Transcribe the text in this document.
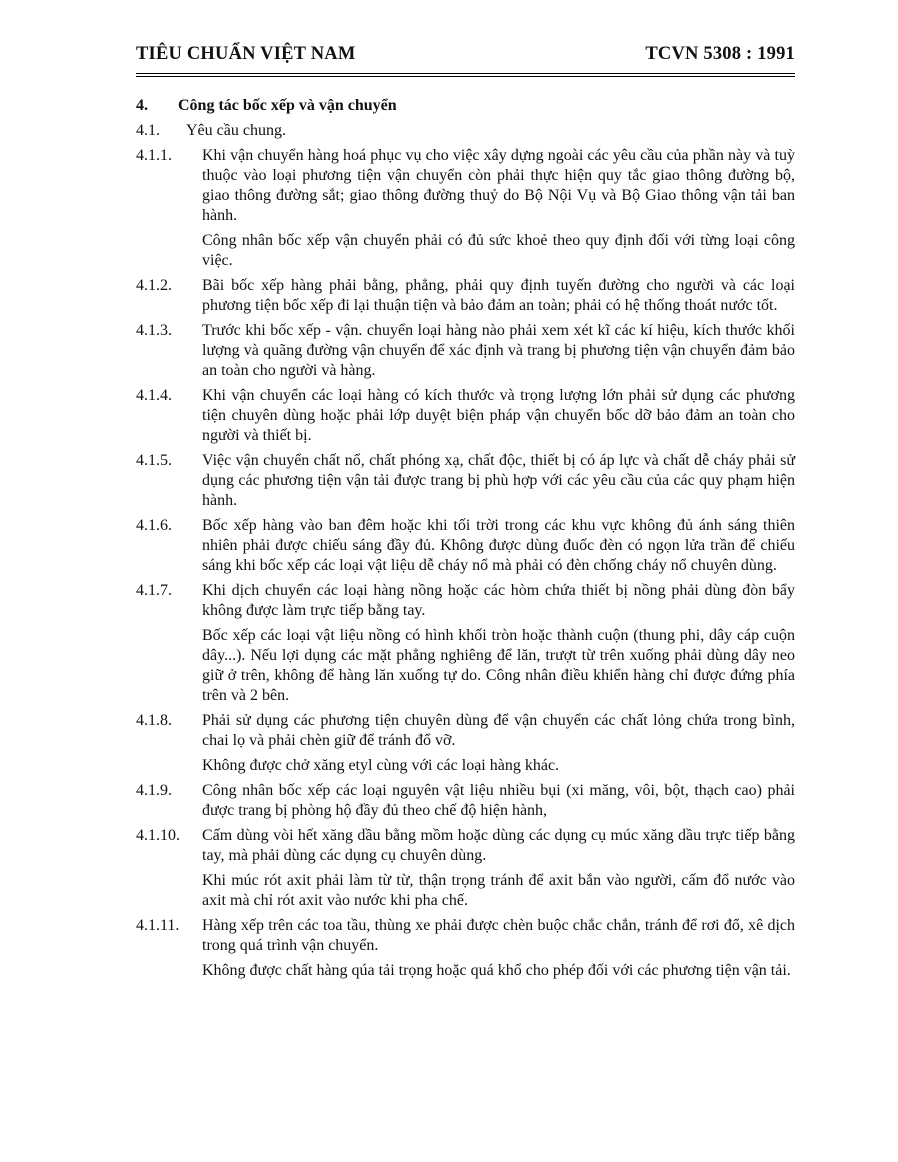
TIÊU CHUẨN VIỆT NAM	TCVN 5308 : 1991
4.	Công tác bốc xếp và vận chuyển
4.1.	Yêu cầu chung.
4.1.1.	Khi vận chuyển hàng hoá phục vụ cho việc xây dựng ngoài các yêu cầu của phần này và tuỳ thuộc vào loại phương tiện vận chuyển còn phải thực hiện quy tắc giao thông đường bộ, giao thông đường sắt; giao thông đường thuỷ do Bộ Nội Vụ và Bộ Giao thông vận tải ban hành.

Công nhân bốc xếp vận chuyển phải có đủ sức khoẻ theo quy định đối với từng loại công việc.

4.1.2.	Bãi bốc xếp hàng phải bằng, phẳng, phải quy định tuyến đường cho người và các loại phương tiện bốc xếp đi lại thuận tiện và bảo đảm an toàn; phải có hệ thống thoát nước tốt.

4.1.3.	Trước khi bốc xếp - vận. chuyển loại hàng nào phải xem xét kĩ các kí hiệu, kích thước khối lượng và quãng đường vận chuyển để xác định và trang bị phương tiện vận chuyển đảm bảo an toàn cho người và hàng.

4.1.4.	Khi vận chuyển các loại hàng có kích thước và trọng lượng lớn phải sử dụng các phương tiện chuyên dùng hoặc phải lớp duyệt biện pháp vận chuyển bốc dỡ bảo đảm an toàn cho người và thiết bị.

4.1.5.	Việc vận chuyển chất nổ, chất phóng xạ, chất độc, thiết bị có áp lực và chất dễ cháy phải sử dụng các phương tiện vận tải được trang bị phù hợp với các yêu cầu của các quy phạm hiện hành.

4.1.6.	Bốc xếp hàng vào ban đêm hoặc khi tối trời trong các khu vực không đủ ánh sáng thiên nhiên phải được chiếu sáng đầy đủ. Không được dùng đuốc đèn có ngọn lửa trần để chiếu sáng khi bốc xếp các loại vật liệu dễ cháy nổ mà phải có đèn chống cháy nổ chuyên dùng.

4.1.7.	Khi dịch chuyển các loại hàng nồng hoặc các hòm chứa thiết bị nồng phải dùng đòn bẩy không được làm trực tiếp bằng tay.

Bốc xếp các loại vật liệu nồng có hình khối tròn hoặc thành cuộn (thung phi, dây cáp cuộn dây...). Nếu lợi dụng các mặt phẳng nghiêng để lăn, trượt từ trên xuống phải dùng dây neo giữ ở trên, không để hàng lăn xuống tự do. Công nhân điều khiển hàng chỉ được đứng phía trên và 2 bên.

4.1.8.	Phải sử dụng các phương tiện chuyên dùng để vận chuyển các chất lỏng chứa trong bình, chai lọ và phải chèn giữ để tránh đổ vỡ.

Không được chở xăng etyl cùng với các loại hàng khác.

4.1.9.	Công nhân bốc xếp các loại nguyên vật liệu nhiều bụi (xi măng, vôi, bột, thạch cao) phải được trang bị phòng hộ đầy đủ theo chế độ hiện hành,

4.1.10.	Cấm dùng vòi hết xăng dầu bằng mồm hoặc dùng các dụng cụ múc xăng dầu trực tiếp bằng tay, mà phải dùng các dụng cụ chuyên dùng.

Khi múc rót axit phải làm từ từ, thận trọng tránh để axit bắn vào người, cấm đổ nước vào axit mà chỉ rót axit vào nước khi pha chế.

4.1.11.	Hàng xếp trên các toa tầu, thùng xe phải được chèn buộc chắc chắn, tránh để rơi đổ, xê dịch trong quá trình vận chuyển.

Không được chất hàng qúa tải trọng hoặc quá khổ cho phép đối với các phương tiện vận tải.
